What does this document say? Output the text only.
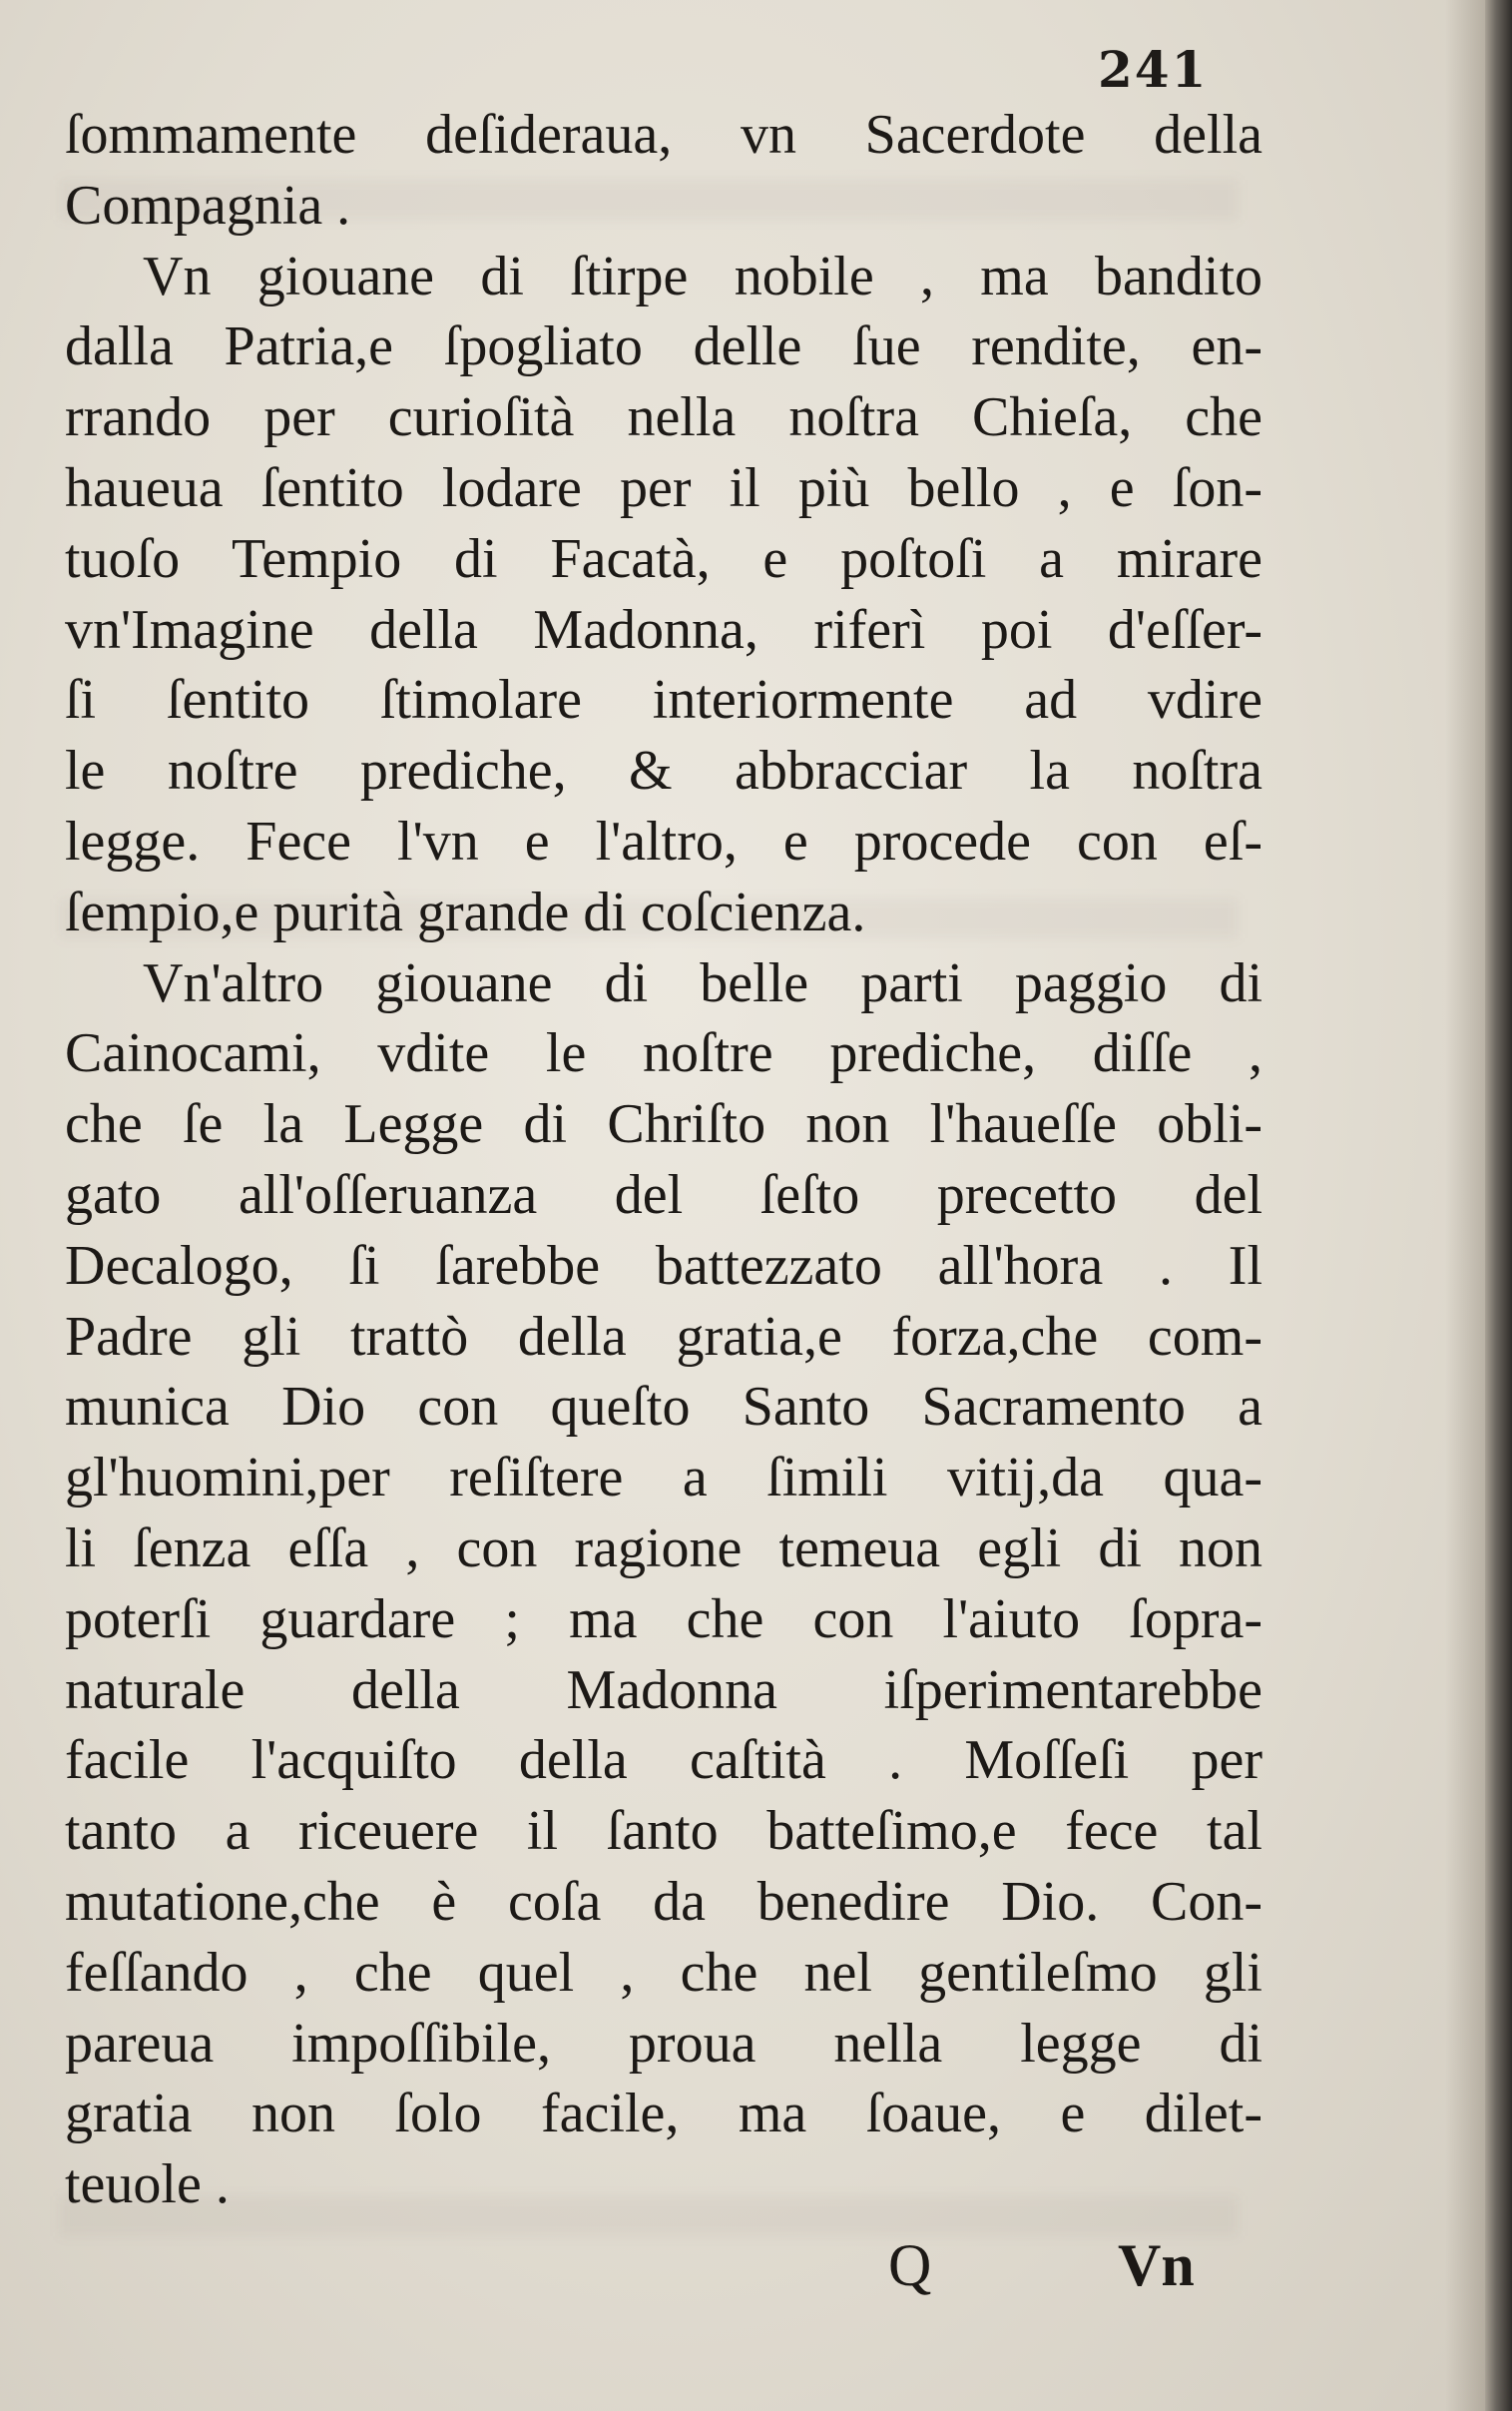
241
ſommamente deſideraua, vn Sacerdote della
Compagnia .
Vn giouane di ſtirpe nobile , ma bandito
dalla Patria,e ſpogliato delle ſue rendite, en-
rrando per curioſità nella noſtra Chieſa, che
haueua ſentito lodare per il più bello , e ſon-
tuoſo Tempio di Facatà, e poſtoſi a mirare
vn'Imagine della Madonna, riferì poi d'eſſer-
ſi ſentito ſtimolare interiormente ad vdire
le noſtre prediche, & abbracciar la noſtra
legge. Fece l'vn e l'altro, e procede con eſ-
ſempio,e purità grande di coſcienza.
Vn'altro giouane di belle parti paggio di
Cainocami, vdite le noſtre prediche, diſſe ,
che ſe la Legge di Chriſto non l'haueſſe obli-
gato all'oſſeruanza del ſeſto precetto del
Decalogo, ſi ſarebbe battezzato all'hora . Il
Padre gli trattò della gratia,e forza,che com-
munica Dio con queſto Santo Sacramento a
gl'huomini,per reſiſtere a ſimili vitij,da qua-
li ſenza eſſa , con ragione temeua egli di non
poterſi guardare ; ma che con l'aiuto ſopra-
naturale della Madonna iſperimentarebbe
facile l'acquiſto della caſtità . Moſſeſi per
tanto a riceuere il ſanto batteſimo,e fece tal
mutatione,che è coſa da benedire Dio. Con-
feſſando , che quel , che nel gentileſmo gli
pareua impoſſibile, proua nella legge di
gratia non ſolo facile, ma ſoaue, e dilet-
teuole .
Q	Vn
